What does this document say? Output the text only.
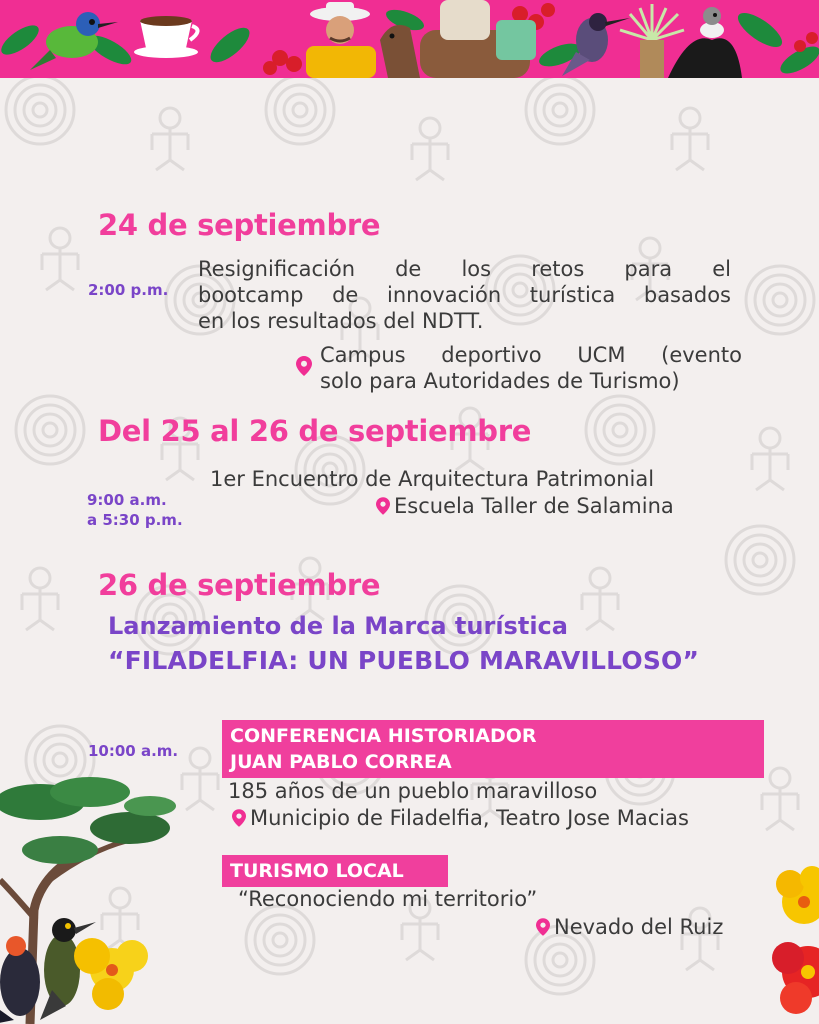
24 de septiembre
2:00 p.m.
Resignificación de los retos para el
bootcamp de innovación turística basados
en los resultados del NDTT.
Campus deportivo UCM (evento
solo para Autoridades de Turismo)
Del 25 al 26 de septiembre
9:00 a.m.
a 5:30 p.m.
1er Encuentro de Arquitectura Patrimonial
Escuela Taller de Salamina
26 de septiembre
Lanzamiento de la Marca turística
“FILADELFIA: UN PUEBLO MARAVILLOSO”
10:00 a.m.
CONFERENCIA HISTORIADOR
JUAN PABLO CORREA
185 años de un pueblo maravilloso
Municipio de Filadelfia, Teatro Jose Macias
TURISMO LOCAL
“Reconociendo mi territorio”
Nevado del Ruiz
